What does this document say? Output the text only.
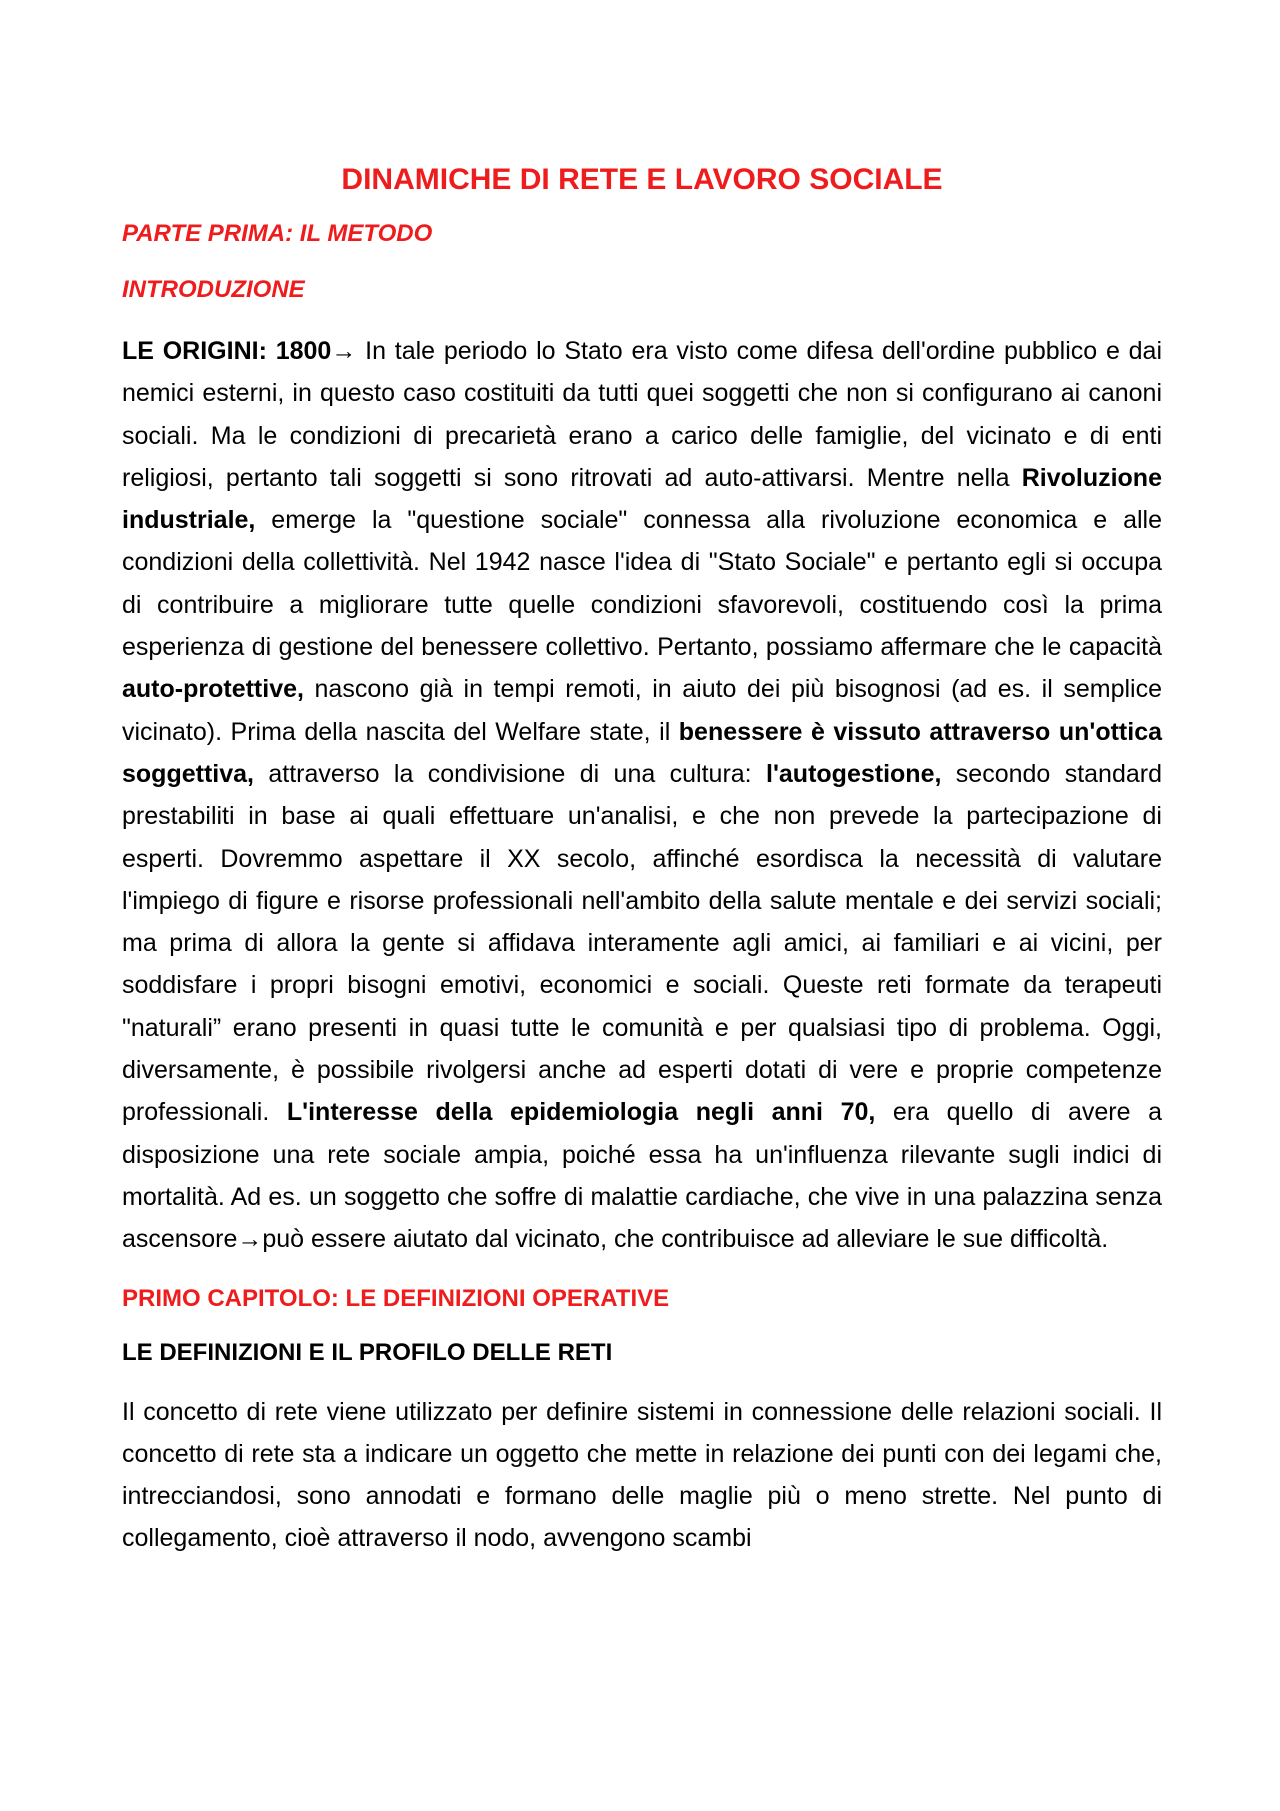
DINAMICHE DI RETE E LAVORO SOCIALE
PARTE PRIMA: IL METODO
INTRODUZIONE

LE ORIGINI: 1800→ In tale periodo lo Stato era visto come difesa dell'ordine pubblico e dai nemici esterni, in questo caso costituiti da tutti quei soggetti che non si configurano ai canoni sociali. Ma le condizioni di precarietà erano a carico delle famiglie, del vicinato e di enti religiosi, pertanto tali soggetti si sono ritrovati ad auto-attivarsi. Mentre nella Rivoluzione industriale, emerge la "questione sociale" connessa alla rivoluzione economica e alle condizioni della collettività. Nel 1942 nasce l'idea di "Stato Sociale" e pertanto egli si occupa di contribuire a migliorare tutte quelle condizioni sfavorevoli, costituendo così la prima esperienza di gestione del benessere collettivo. Pertanto, possiamo affermare che le capacità auto-protettive, nascono già in tempi remoti, in aiuto dei più bisognosi (ad es. il semplice vicinato). Prima della nascita del Welfare state, il benessere è vissuto attraverso un'ottica soggettiva, attraverso la condivisione di una cultura: l'autogestione, secondo standard prestabiliti in base ai quali effettuare un'analisi, e che non prevede la partecipazione di esperti. Dovremmo aspettare il XX secolo, affinché esordisca la necessità di valutare l'impiego di figure e risorse professionali nell'ambito della salute mentale e dei servizi sociali; ma prima di allora la gente si affidava interamente agli amici, ai familiari e ai vicini, per soddisfare i propri bisogni emotivi, economici e sociali. Queste reti formate da terapeuti "naturali” erano presenti in quasi tutte le comunità e per qualsiasi tipo di problema. Oggi, diversamente, è possibile rivolgersi anche ad esperti dotati di vere e proprie competenze professionali. L'interesse della epidemiologia negli anni 70, era quello di avere a disposizione una rete sociale ampia, poiché essa ha un'influenza rilevante sugli indici di mortalità. Ad es. un soggetto che soffre di malattie cardiache, che vive in una palazzina senza ascensore→può essere aiutato dal vicinato, che contribuisce ad alleviare le sue difficoltà.

PRIMO CAPITOLO: LE DEFINIZIONI OPERATIVE
LE DEFINIZIONI E IL PROFILO DELLE RETI

Il concetto di rete viene utilizzato per definire sistemi in connessione delle relazioni sociali. Il concetto di rete sta a indicare un oggetto che mette in relazione dei punti con dei legami che, intrecciandosi, sono annodati e formano delle maglie più o meno strette. Nel punto di collegamento, cioè attraverso il nodo, avvengono scambi
